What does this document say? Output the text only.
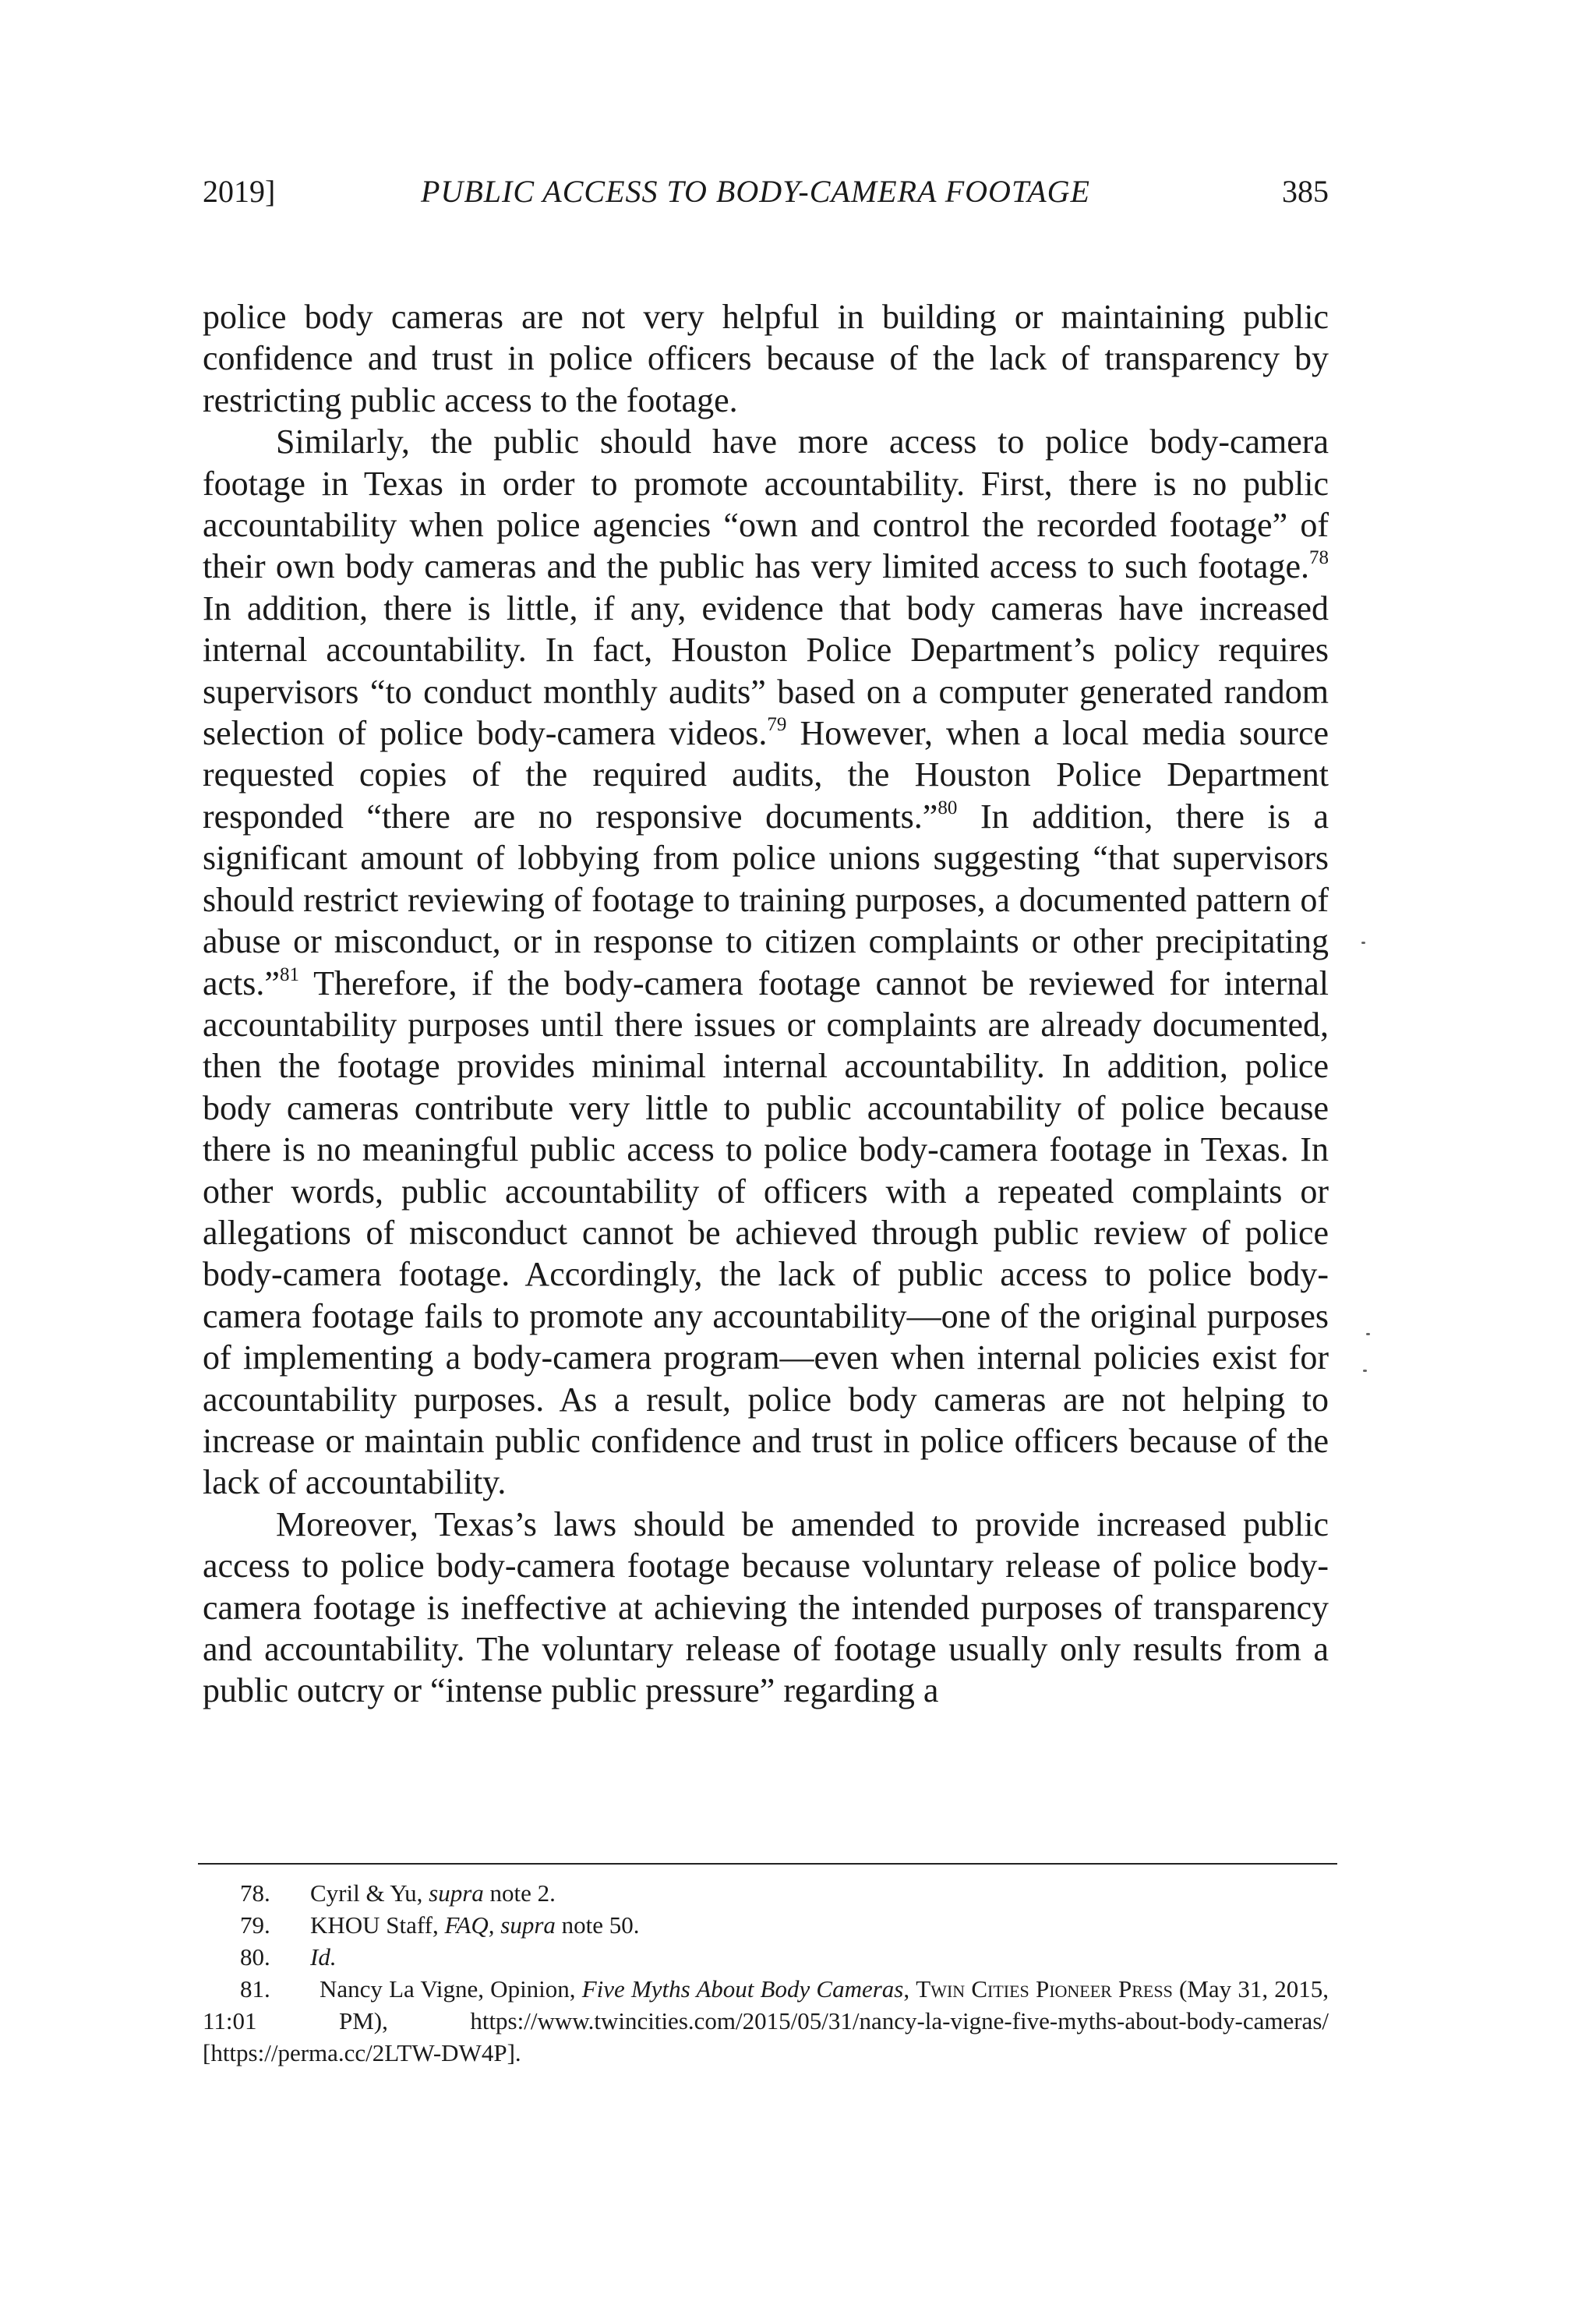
2019]	PUBLIC ACCESS TO BODY-CAMERA FOOTAGE	385

police body cameras are not very helpful in building or maintaining public confidence and trust in police officers because of the lack of transparency by restricting public access to the footage.

Similarly, the public should have more access to police body-camera footage in Texas in order to promote accountability. First, there is no public accountability when police agencies “own and control the recorded footage” of their own body cameras and the public has very limited access to such footage.$^{78}$ In addition, there is little, if any, evidence that body cameras have increased internal accountability. In fact, Houston Police Department’s policy requires supervisors “to conduct monthly audits” based on a computer generated random selection of police body-camera videos.$^{79}$ However, when a local media source requested copies of the required audits, the Houston Police Department responded “there are no responsive documents.”$^{80}$ In addition, there is a significant amount of lobbying from police unions suggesting “that supervisors should restrict reviewing of footage to training purposes, a documented pattern of abuse or misconduct, or in response to citizen complaints or other precipitating acts.”$^{81}$ Therefore, if the body-camera footage cannot be reviewed for internal accountability purposes until there issues or complaints are already documented, then the footage provides minimal internal accountability. In addition, police body cameras contribute very little to public accountability of police because there is no meaningful public access to police body-camera footage in Texas. In other words, public accountability of officers with a repeated complaints or allegations of misconduct cannot be achieved through public review of police body-camera footage. Accordingly, the lack of public access to police body-camera footage fails to promote any accountability—one of the original purposes of implementing a body-camera program—even when internal policies exist for accountability purposes. As a result, police body cameras are not helping to increase or maintain public confidence and trust in police officers because of the lack of accountability.

Moreover, Texas’s laws should be amended to provide increased public access to police body-camera footage because voluntary release of police body-camera footage is ineffective at achieving the intended purposes of transparency and accountability. The voluntary release of footage usually only results from a public outcry or “intense public pressure” regarding a

78. Cyril & Yu, supra note 2.

79. KHOU Staff, FAQ, supra note 50.

80. Id.

81. Nancy La Vigne, Opinion, Five Myths About Body Cameras, Twin Cities Pioneer Press (May 31, 2015, 11:01 PM), https://www.twincities.com/2015/05/31/nancy-la-vigne-five-myths-about-body-cameras/ [https://perma.cc/2LTW-DW4P].
